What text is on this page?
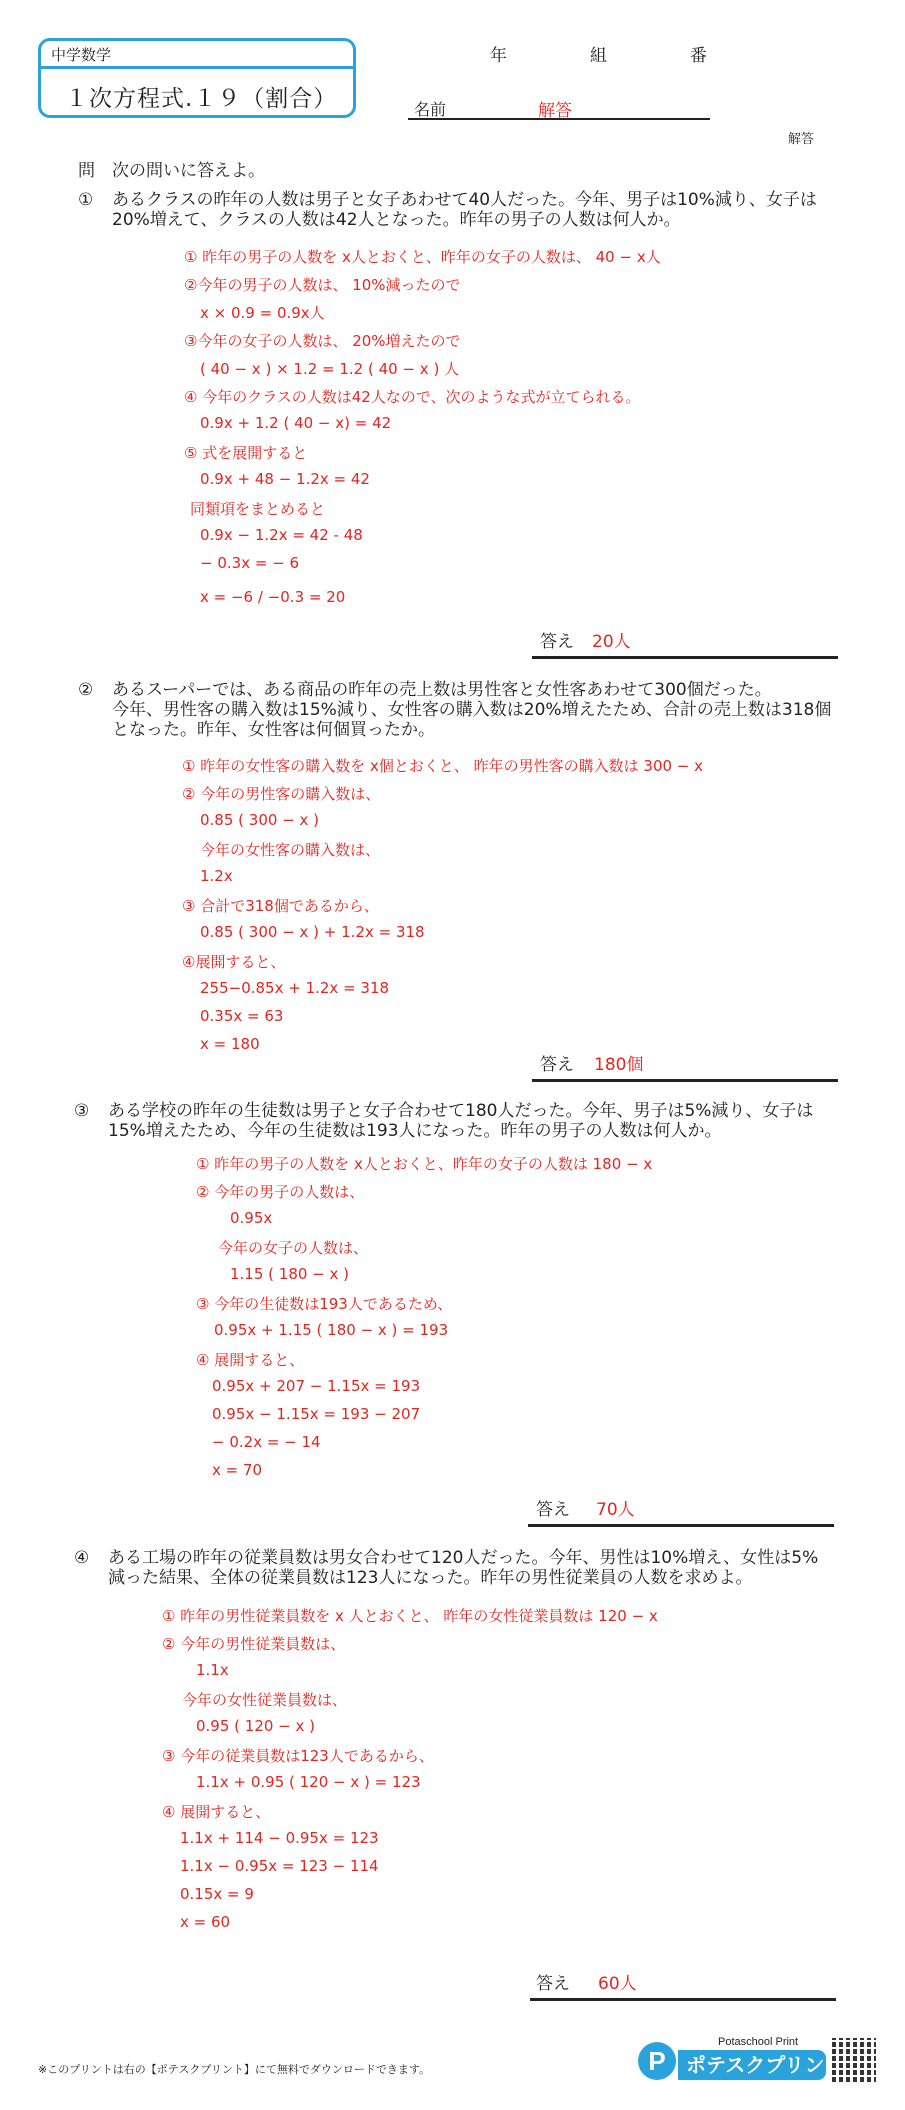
中学数学
１次方程式.１９（割合）
年	組	番
名前	解答
解答
問 次の問いに答えよ。
① あるクラスの昨年の人数は男子と女子あわせて40人だった。今年、男子は10%減り、女子は
20%増えて、クラスの人数は42人となった。昨年の男子の人数は何人か。
① 昨年の男子の人数を x人とおくと、昨年の女子の人数は、 40 − x人
②今年の男子の人数は、 10%減ったので
x × 0.9 = 0.9x人
③今年の女子の人数は、 20%増えたので
( 40 − x ) × 1.2 = 1.2 ( 40 − x ) 人
④ 今年のクラスの人数は42人なので、次のような式が立てられる。
0.9x + 1.2 ( 40 − x) = 42
⑤ 式を展開すると
0.9x + 48 − 1.2x = 42
同類項をまとめると
0.9x − 1.2x = 42 - 48
− 0.3x = − 6
x = −6 / −0.3 = 20
答え 20人
② あるスーパーでは、ある商品の昨年の売上数は男性客と女性客あわせて300個だった。
今年、男性客の購入数は15%減り、女性客の購入数は20%増えたため、合計の売上数は318個
となった。昨年、女性客は何個買ったか。
① 昨年の女性客の購入数を x個とおくと、 昨年の男性客の購入数は 300 − x
② 今年の男性客の購入数は、
0.85 ( 300 − x )
今年の女性客の購入数は、
1.2x
③ 合計で318個であるから、
0.85 ( 300 − x ) + 1.2x = 318
④展開すると、
255−0.85x + 1.2x = 318
0.35x = 63
x = 180
答え 180個
③ ある学校の昨年の生徒数は男子と女子合わせて180人だった。今年、男子は5%減り、女子は
15%増えたため、今年の生徒数は193人になった。昨年の男子の人数は何人か。
① 昨年の男子の人数を x人とおくと、昨年の女子の人数は 180 − x
② 今年の男子の人数は、
0.95x
今年の女子の人数は、
1.15 ( 180 − x )
③ 今年の生徒数は193人であるため、
0.95x + 1.15 ( 180 − x ) = 193
④ 展開すると、
0.95x + 207 − 1.15x = 193
0.95x − 1.15x = 193 − 207
− 0.2x = − 14
x = 70
答え 70人
④ ある工場の昨年の従業員数は男女合わせて120人だった。今年、男性は10%増え、女性は5%
減った結果、全体の従業員数は123人になった。昨年の男性従業員の人数を求めよ。
① 昨年の男性従業員数を x 人とおくと、 昨年の女性従業員数は 120 − x
② 今年の男性従業員数は、
1.1x
今年の女性従業員数は、
0.95 ( 120 − x )
③ 今年の従業員数は123人であるから、
1.1x + 0.95 ( 120 − x ) = 123
④ 展開すると、
1.1x + 114 − 0.95x = 123
1.1x − 0.95x = 123 − 114
0.15x = 9
x = 60
答え 60人
※このプリントは右の【ポテスクプリント】にて無料でダウンロードできます。
Potaschool Print
ポテスクプリント
P
